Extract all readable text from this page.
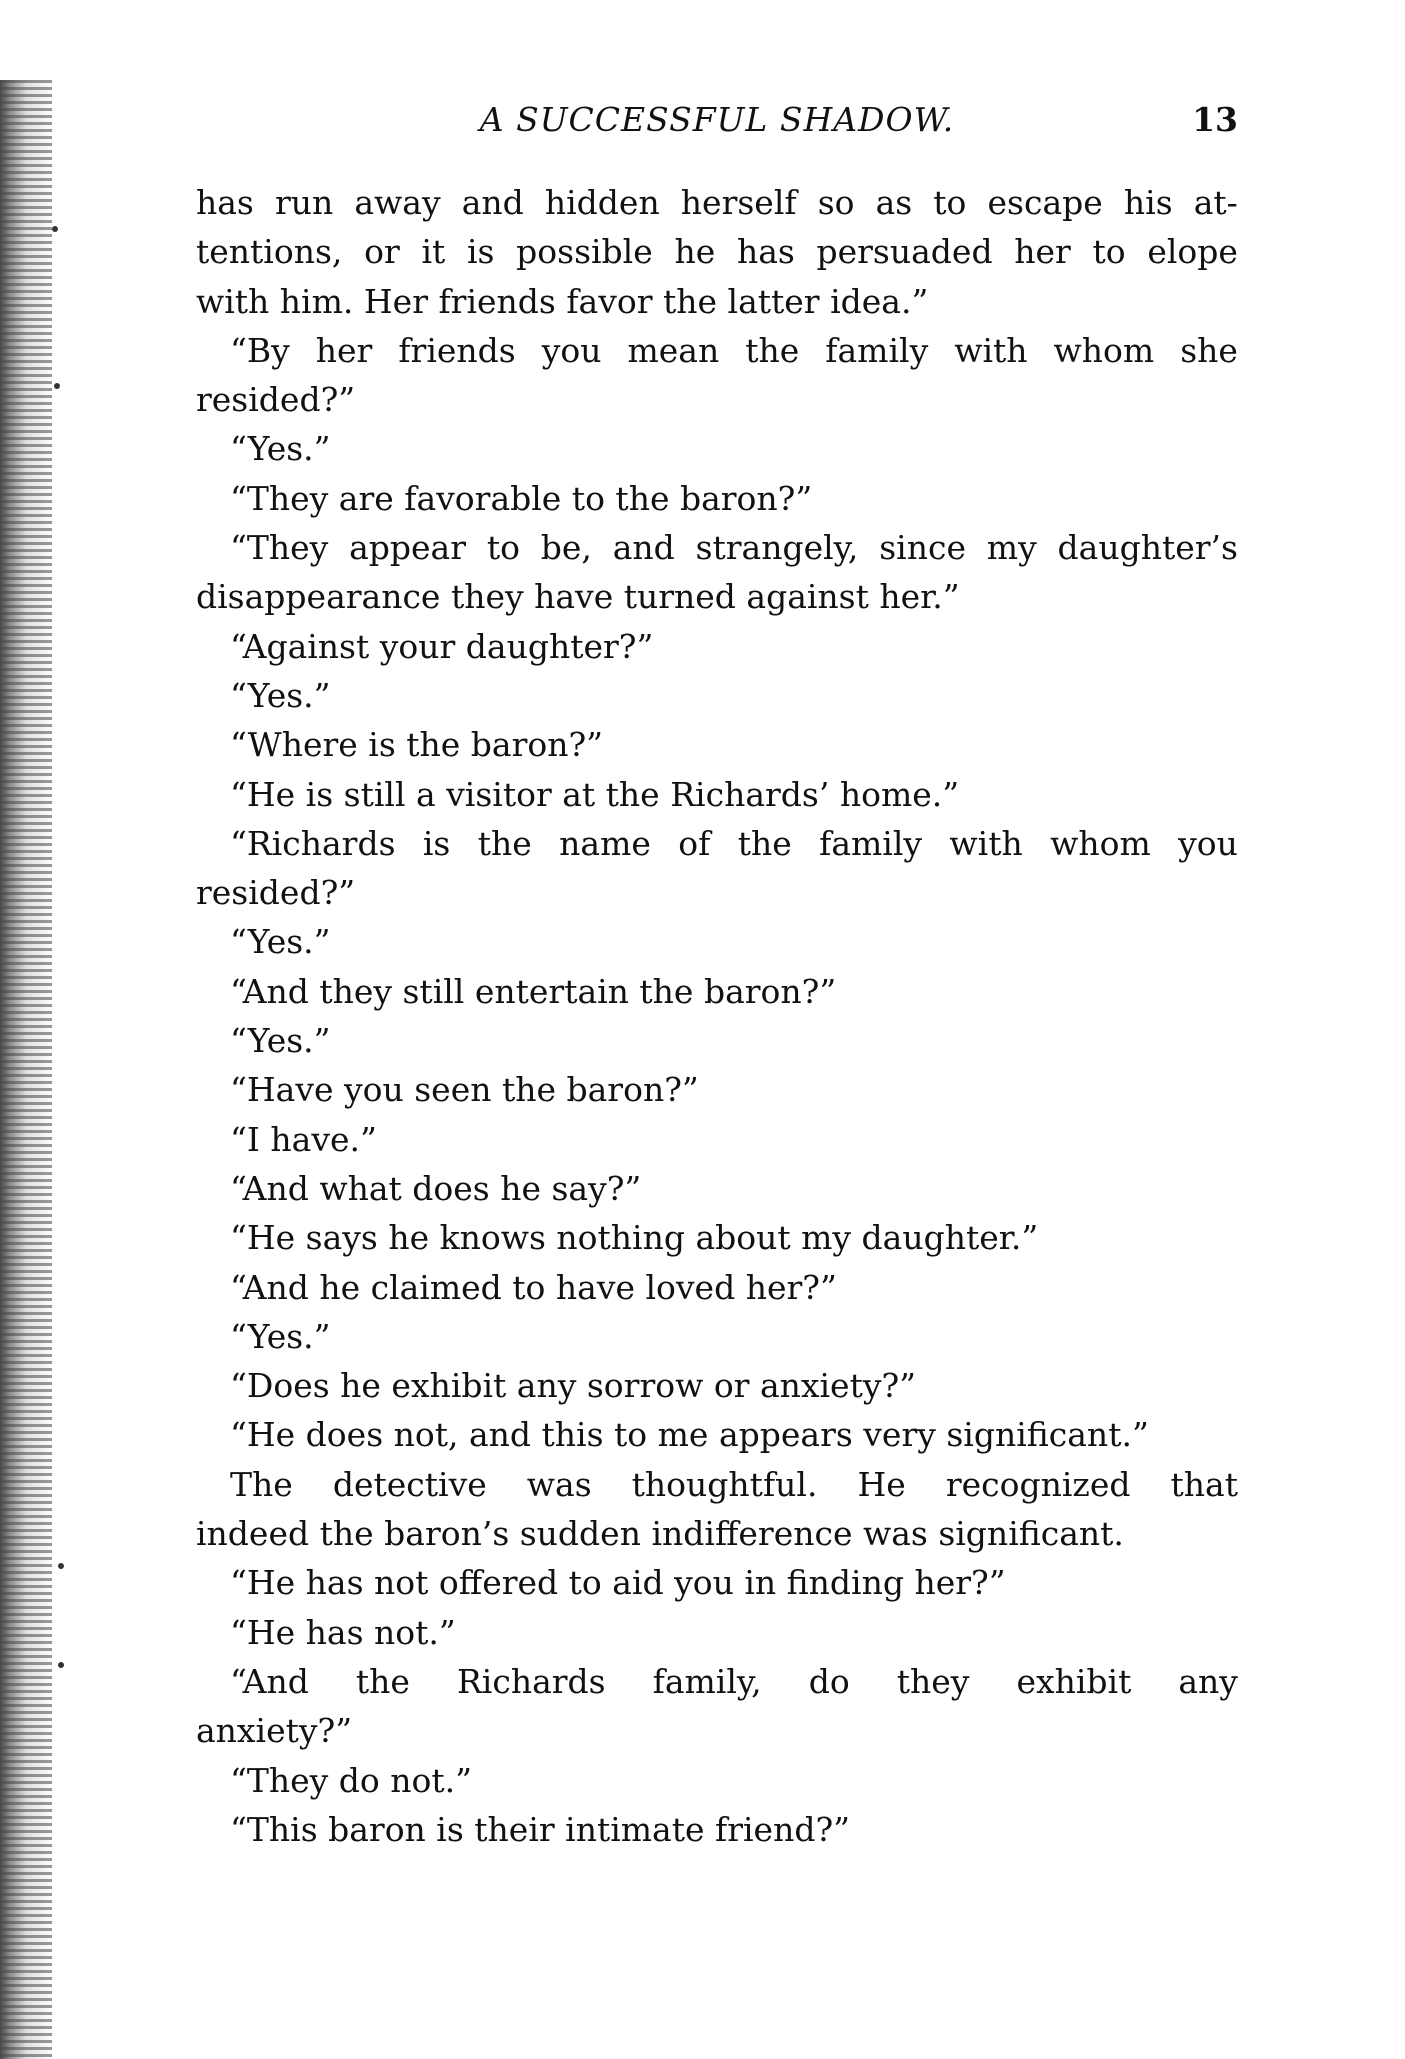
A SUCCESSFUL SHADOW.	13
has run away and hidden herself so as to escape his at-
tentions, or it is possible he has persuaded her to elope
with him. Her friends favor the latter idea.”
“By her friends you mean the family with whom she
resided?”
“Yes.”
“They are favorable to the baron?”
“They appear to be, and strangely, since my daughter’s
disappearance they have turned against her.”
“Against your daughter?”
“Yes.”
“Where is the baron?”
“He is still a visitor at the Richards’ home.”
“Richards is the name of the family with whom you
resided?”
“Yes.”
“And they still entertain the baron?”
“Yes.”
“Have you seen the baron?”
“I have.”
“And what does he say?”
“He says he knows nothing about my daughter.”
“And he claimed to have loved her?”
“Yes.”
“Does he exhibit any sorrow or anxiety?”
“He does not, and this to me appears very significant.”
The detective was thoughtful. He recognized that
indeed the baron’s sudden indifference was significant.
“He has not offered to aid you in finding her?”
“He has not.”
“And the Richards family, do they exhibit any
anxiety?”
“They do not.”
“This baron is their intimate friend?”
